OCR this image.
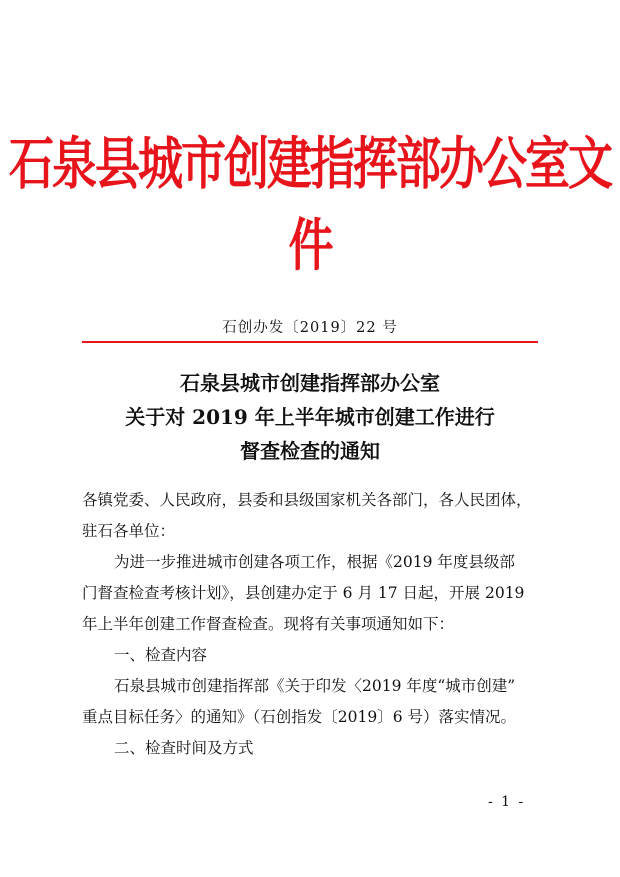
石泉县城市创建指挥部办公室文件
石创办发〔2019〕22 号
石泉县城市创建指挥部办公室
关于对 2019 年上半年城市创建工作进行
督查检查的通知
各镇党委、人民政府，县委和县级国家机关各部门，各人民团体，
驻石各单位：
为进一步推进城市创建各项工作，根据《2019 年度县级部
门督查检查考核计划》，县创建办定于 6 月 17 日起，开展 2019
年上半年创建工作督查检查。现将有关事项通知如下：
一、检查内容
石泉县城市创建指挥部《关于印发〈2019 年度“城市创建”
重点目标任务〉的通知》（石创指发〔2019〕6 号）落实情况。
二、检查时间及方式
- 1 -
